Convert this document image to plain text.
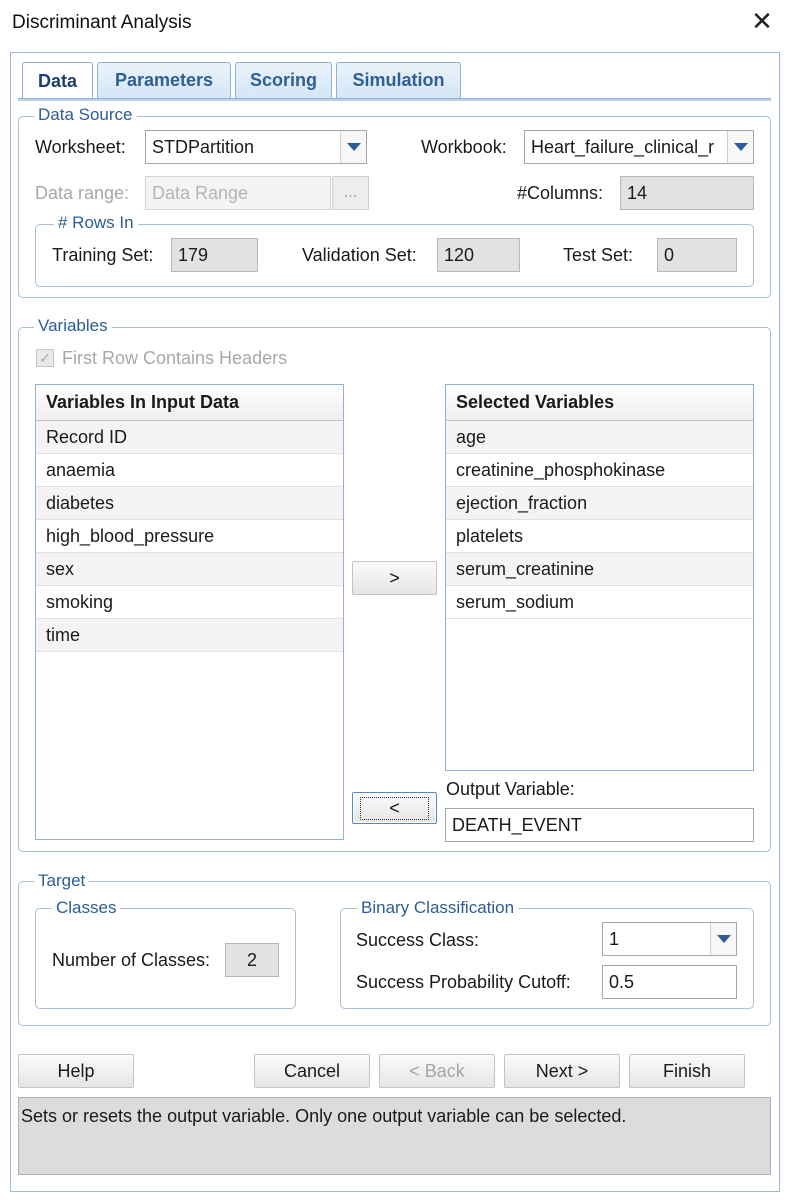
Discriminant Analysis	✕
Data	Parameters	Scoring	Simulation
Data Source
Worksheet:	STDPartition	Workbook:	Heart_failure_clinical_r
Data range:	Data Range	...	#Columns:	14
# Rows In
Training Set:	179	Validation Set:	120	Test Set:	0
Variables
✓ First Row Contains Headers
Variables In Input Data
Record ID
anaemia
diabetes
high_blood_pressure
sex
smoking
time
>
<
Selected Variables
age
creatinine_phosphokinase
ejection_fraction
platelets
serum_creatinine
serum_sodium
Output Variable:
DEATH_EVENT
Target
Classes
Number of Classes:	2
Binary Classification
Success Class:	1
Success Probability Cutoff:	0.5
Help	Cancel	< Back	Next >	Finish
Sets or resets the output variable. Only one output variable can be selected.
